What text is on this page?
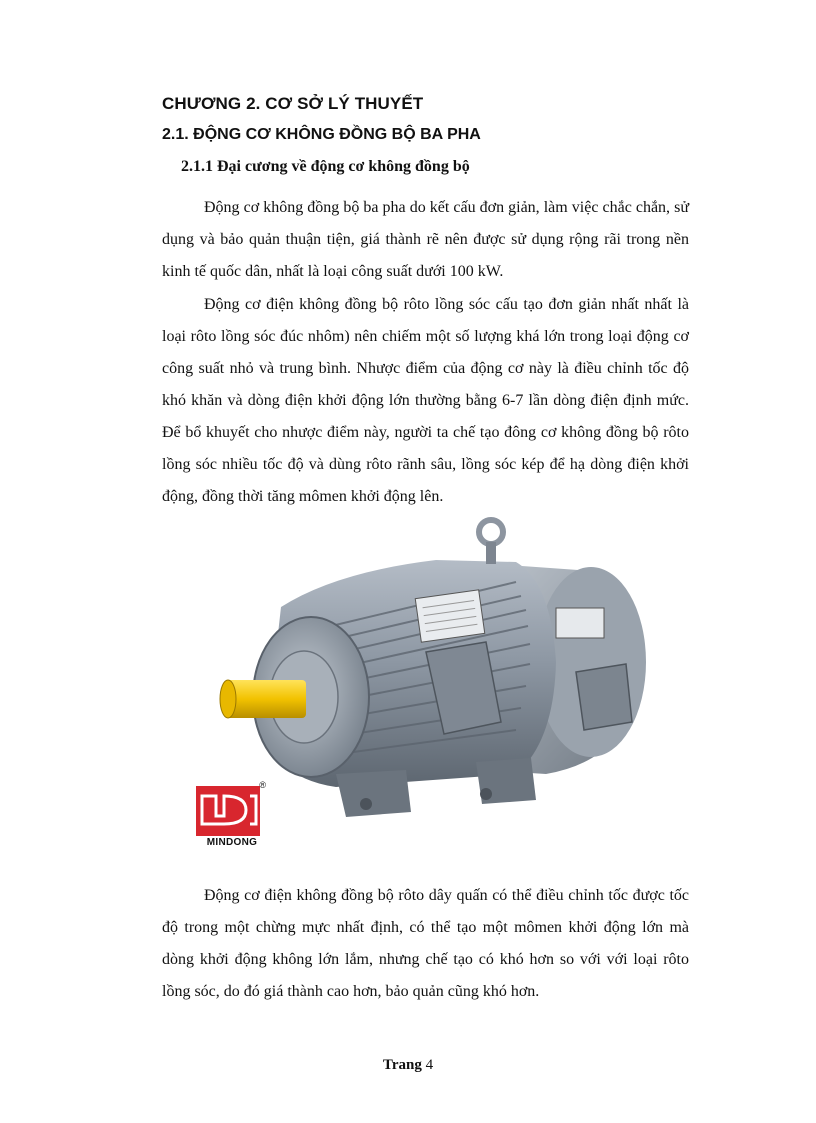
CHƯƠNG 2. CƠ SỞ LÝ THUYẾT
2.1. ĐỘNG CƠ KHÔNG ĐỒNG BỘ BA PHA
2.1.1 Đại cương về động cơ không đồng bộ

Động cơ không đồng bộ ba pha do kết cấu đơn giản, làm việc chắc chắn, sử dụng và bảo quản thuận tiện, giá thành rẽ nên được sử dụng rộng rãi trong nền kinh tế quốc dân, nhất là loại công suất dưới 100 kW.

Động cơ điện không đồng bộ rôto lồng sóc cấu tạo đơn giản nhất nhất là loại rôto lồng sóc đúc nhôm) nên chiếm một số lượng khá lớn trong loại động cơ công suất nhỏ và trung bình. Nhược điểm của động cơ này là điều chỉnh tốc độ khó khăn và dòng điện khởi động lớn thường bằng 6-7 lần dòng điện định mức. Để bổ khuyết cho nhược điểm này, người ta chế tạo đông cơ không đồng bộ rôto lồng sóc nhiều tốc độ và dùng rôto rãnh sâu, lồng sóc kép để hạ dòng điện khởi động, đồng thời tăng mômen khởi động lên.

®
MINDONG

Động cơ điện không đồng bộ rôto dây quấn có thể điều chỉnh tốc được tốc độ trong một chừng mực nhất định, có thể tạo một mômen khởi động lớn mà dòng khởi động không lớn lắm, nhưng chế tạo có khó hơn so với với loại rôto lồng sóc, do đó giá thành cao hơn, bảo quản cũng khó hơn.

Trang 4
